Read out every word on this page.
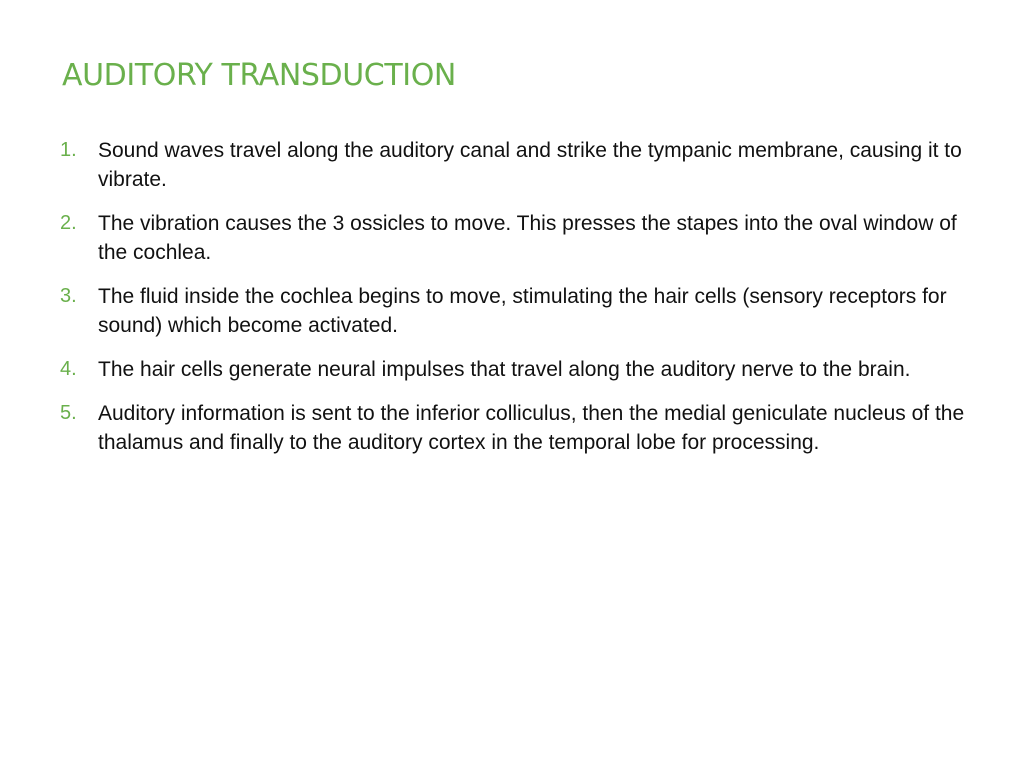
AUDITORY TRANSDUCTION
1. Sound waves travel along the auditory canal and strike the tympanic membrane, causing it to vibrate.
2. The vibration causes the 3 ossicles to move. This presses the stapes into the oval window of the cochlea.
3. The fluid inside the cochlea begins to move, stimulating the hair cells (sensory receptors for sound) which become activated.
4. The hair cells generate neural impulses that travel along the auditory nerve to the brain.
5. Auditory information is sent to the inferior colliculus, then the medial geniculate nucleus of the thalamus and finally to the auditory cortex in the temporal lobe for processing.
